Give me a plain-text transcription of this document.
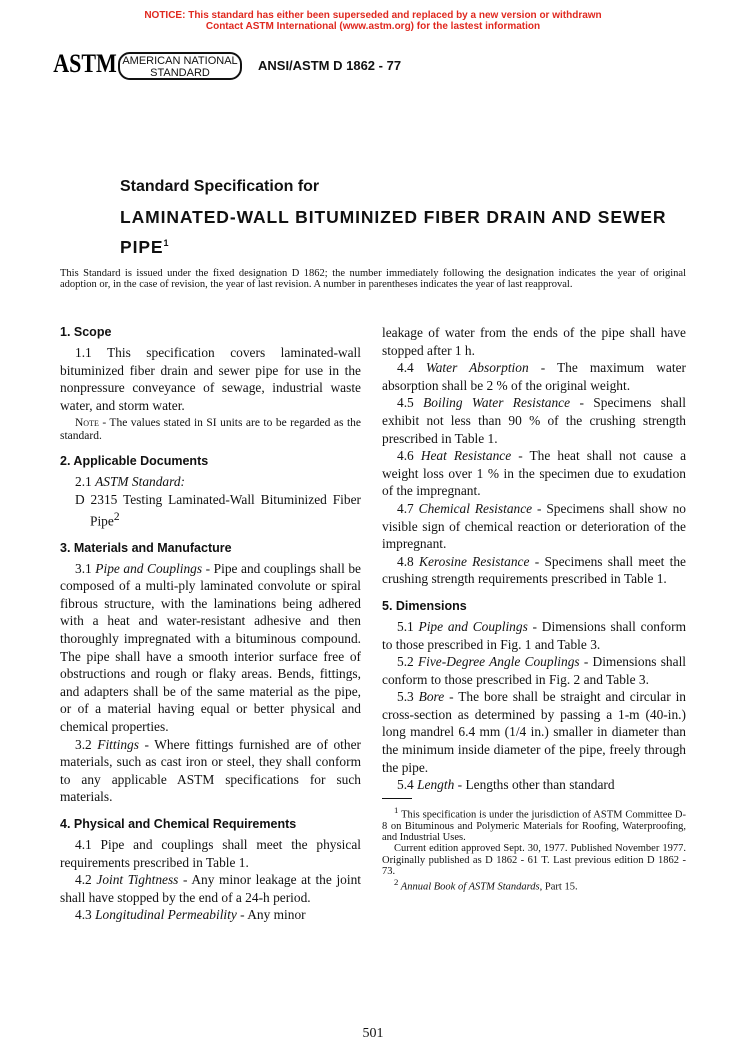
NOTICE: This standard has either been superseded and replaced by a new version or withdrawn
Contact ASTM International (www.astm.org) for the lastest information
ASTM AMERICAN NATIONAL
STANDARD	ANSI/ASTM D 1862 - 77
Standard Specification for
LAMINATED-WALL BITUMINIZED FIBER DRAIN AND SEWER PIPE$^1$
This Standard is issued under the fixed designation D 1862; the number immediately following the designation indicates the year of original adoption or, in the case of revision, the year of last revision. A number in parentheses indicates the year of last reapproval.
1. Scope

1.1 This specification covers laminated-wall bituminized fiber drain and sewer pipe for use in the nonpressure conveyance of sewage, industrial waste water, and storm water.

Note - The values stated in SI units are to be regarded as the standard.

2. Applicable Documents

2.1 ASTM Standard:

D 2315 Testing Laminated-Wall Bituminized Fiber Pipe$^2$

3. Materials and Manufacture

3.1 Pipe and Couplings - Pipe and couplings shall be composed of a multi-ply laminated convolute or spiral fibrous structure, with the laminations being adhered with a heat and water-resistant adhesive and then thoroughly impregnated with a bituminous compound. The pipe shall have a smooth interior surface free of obstructions and rough or flaky areas. Bends, fittings, and adapters shall be of the same material as the pipe, or of a material having equal or better physical and chemical properties.

3.2 Fittings - Where fittings furnished are of other materials, such as cast iron or steel, they shall conform to any applicable ASTM specifications for such materials.

4. Physical and Chemical Requirements

4.1 Pipe and couplings shall meet the physical requirements prescribed in Table 1.

4.2 Joint Tightness - Any minor leakage at the joint shall have stopped by the end of a 24-h period.

4.3 Longitudinal Permeability - Any minor

leakage of water from the ends of the pipe shall have stopped after 1 h.

4.4 Water Absorption - The maximum water absorption shall be 2 % of the original weight.

4.5 Boiling Water Resistance - Specimens shall exhibit not less than 90 % of the crushing strength prescribed in Table 1.

4.6 Heat Resistance - The heat shall not cause a weight loss over 1 % in the specimen due to exudation of the impregnant.

4.7 Chemical Resistance - Specimens shall show no visible sign of chemical reaction or deterioration of the impregnant.

4.8 Kerosine Resistance - Specimens shall meet the crushing strength requirements prescribed in Table 1.

5. Dimensions

5.1 Pipe and Couplings - Dimensions shall conform to those prescribed in Fig. 1 and Table 3.

5.2 Five-Degree Angle Couplings - Dimensions shall conform to those prescribed in Fig. 2 and Table 3.

5.3 Bore - The bore shall be straight and circular in cross-section as determined by passing a 1-m (40-in.) long mandrel 6.4 mm (1/4 in.) smaller in diameter than the minimum inside diameter of the pipe, freely through the pipe.

5.4 Length - Lengths other than standard

$^1$ This specification is under the jurisdiction of ASTM Committee D-8 on Bituminous and Polymeric Materials for Roofing, Waterproofing, and Industrial Uses.

Current edition approved Sept. 30, 1977. Published November 1977. Originally published as D 1862 - 61 T. Last previous edition D 1862 - 73.

$^2$ Annual Book of ASTM Standards, Part 15.

501
